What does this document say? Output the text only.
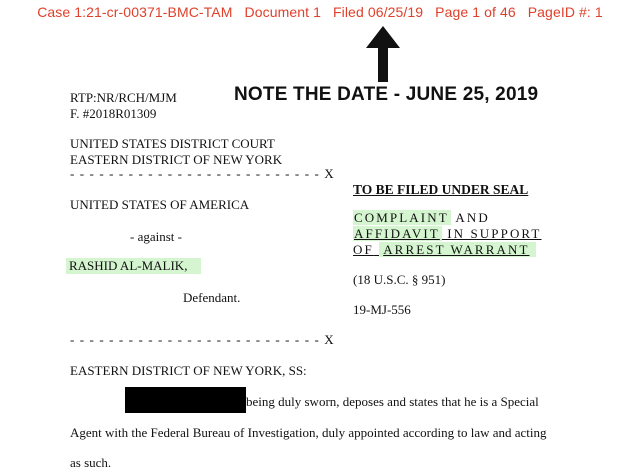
Case 1:21-cr-00371-BMC-TAM Document 1 Filed 06/25/19 Page 1 of 46 PageID #: 1
NOTE THE DATE - JUNE 25, 2019
RTP:NR/RCH/MJM
F. #2018R01309
UNITED STATES DISTRICT COURT
EASTERN DISTRICT OF NEW YORK
- - - - - - - - - - - - - - - - - - - - - - - - - - X
UNITED STATES OF AMERICA
- against -
RASHID AL-MALIK,
Defendant.
- - - - - - - - - - - - - - - - - - - - - - - - - - X
TO BE FILED UNDER SEAL
COMPLAINT AND
AFFIDAVIT IN SUPPORT
OF ARREST WARRANT
(18 U.S.C. § 951)
19-MJ-556
EASTERN DISTRICT OF NEW YORK, SS:
being duly sworn, deposes and states that he is a Special
Agent with the Federal Bureau of Investigation, duly appointed according to law and acting
as such.
